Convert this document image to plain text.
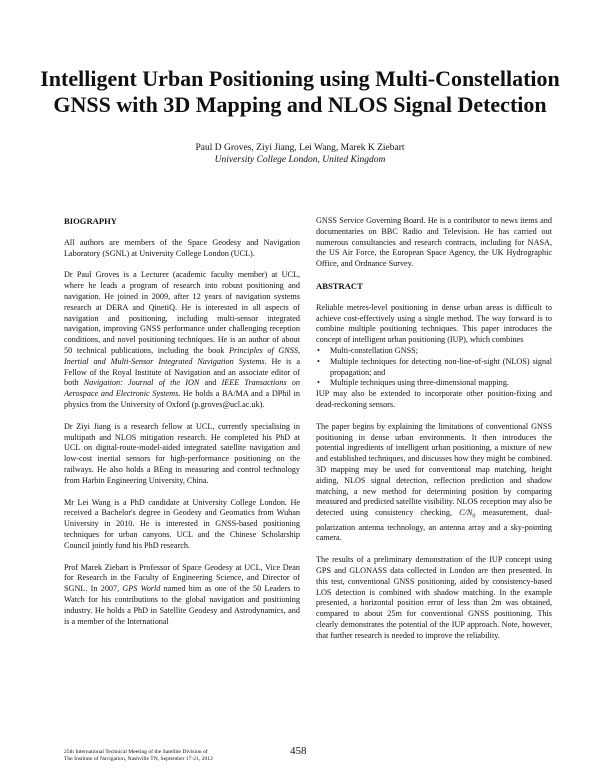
Intelligent Urban Positioning using Multi-Constellation GNSS with 3D Mapping and NLOS Signal Detection
Paul D Groves, Ziyi Jiang, Lei Wang, Marek K Ziebart
University College London, United Kingdom
BIOGRAPHY

All authors are members of the Space Geodesy and Navigation Laboratory (SGNL) at University College London (UCL).

Dr Paul Groves is a Lecturer (academic faculty member) at UCL, where he leads a program of research into robust positioning and navigation. He joined in 2009, after 12 years of navigation systems research at DERA and QinetiQ. He is interested in all aspects of navigation and positioning, including multi-sensor integrated navigation, improving GNSS performance under challenging reception conditions, and novel positioning techniques. He is an author of about 50 technical publications, including the book Principles of GNSS, Inertial and Multi-Sensor Integrated Navigation Systems. He is a Fellow of the Royal Institute of Navigation and an associate editor of both Navigation: Journal of the ION and IEEE Transactions on Aerospace and Electronic Systems. He holds a BA/MA and a DPhil in physics from the University of Oxford (p.groves@ucl.ac.uk).

Dr Ziyi Jiang is a research fellow at UCL, currently specialising in multipath and NLOS mitigation research. He completed his PhD at UCL on digital-route-model-aided integrated satellite navigation and low-cost inertial sensors for high-performance positioning on the railways. He also holds a BEng in measuring and control technology from Harbin Engineering University, China.

Mr Lei Wang is a PhD candidate at University College London. He received a Bachelor's degree in Geodesy and Geomatics from Wuhan University in 2010. He is interested in GNSS-based positioning techniques for urban canyons. UCL and the Chinese Scholarship Council jointly fund his PhD research.

Prof Marek Ziebart is Professor of Space Geodesy at UCL, Vice Dean for Research in the Faculty of Engineering Science, and Director of SGNL. In 2007, GPS World named him as one of the 50 Leaders to Watch for his contributions to the global navigation and positioning industry. He holds a PhD in Satellite Geodesy and Astrodynamics, and is a member of the International

GNSS Service Governing Board. He is a contributor to news items and documentaries on BBC Radio and Television. He has carried out numerous consultancies and research contracts, including for NASA, the US Air Force, the European Space Agency, the UK Hydrographic Office, and Ordnance Survey.

ABSTRACT

Reliable metres-level positioning in dense urban areas is difficult to achieve cost-effectively using a single method. The way forward is to combine multiple positioning techniques. This paper introduces the concept of intelligent urban positioning (IUP), which combines

• Multi-constellation GNSS;
• Multiple techniques for detecting non-line-of-sight (NLOS) signal propagation; and
• Multiple techniques using three-dimensional mapping.

IUP may also be extended to incorporate other position-fixing and dead-reckoning sensors.

The paper begins by explaining the limitations of conventional GNSS positioning in dense urban environments. It then introduces the potential ingredients of intelligent urban positioning, a mixture of new and established techniques, and discusses how they might be combined. 3D mapping may be used for conventional map matching, height aiding, NLOS signal detection, reflection prediction and shadow matching, a new method for determining position by comparing measured and predicted satellite visibility. NLOS reception may also be detected using consistency checking, $C/N_0$ measurement, dual-polarization antenna technology, an antenna array and a sky-pointing camera.

The results of a preliminary demonstration of the IUP concept using GPS and GLONASS data collected in London are then presented. In this test, conventional GNSS positioning, aided by consistency-based LOS detection is combined with shadow matching. In the example presented, a horizontal position error of less than 2m was obtained, compared to about 25m for conventional GNSS positioning. This clearly demonstrates the potential of the IUP approach. Note, however, that further research is needed to improve the reliability.

25th International Technical Meeting of the Satellite Division of
The Institute of Navigation, Nashville TN, September 17-21, 2012
458
